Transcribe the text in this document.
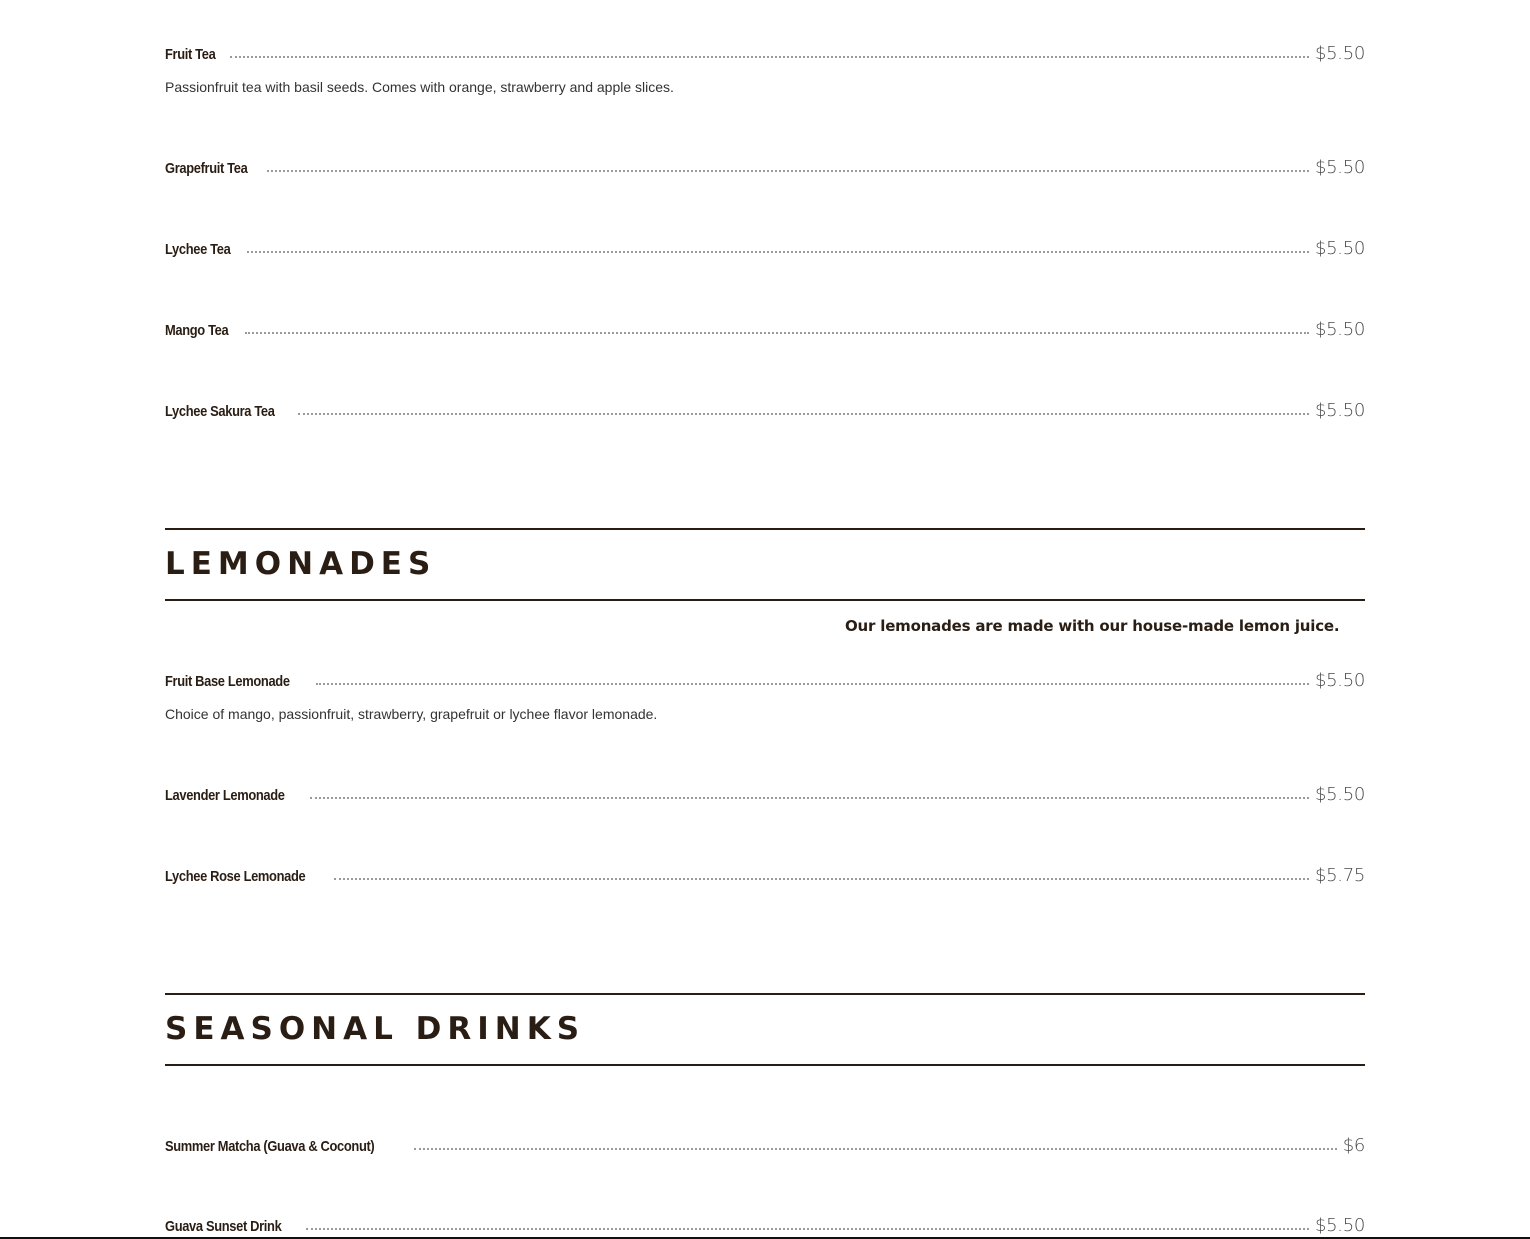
Fruit Tea	$5.50
Passionfruit tea with basil seeds. Comes with orange, strawberry and apple slices.
Grapefruit Tea	$5.50
Lychee Tea	$5.50
Mango Tea	$5.50
Lychee Sakura Tea	$5.50
LEMONADES
Our lemonades are made with our house-made lemon juice.
Fruit Base Lemonade	$5.50
Choice of mango, passionfruit, strawberry, grapefruit or lychee flavor lemonade.
Lavender Lemonade	$5.50
Lychee Rose Lemonade	$5.75
SEASONAL DRINKS
Summer Matcha (Guava & Coconut)	$6
Guava Sunset Drink	$5.50
